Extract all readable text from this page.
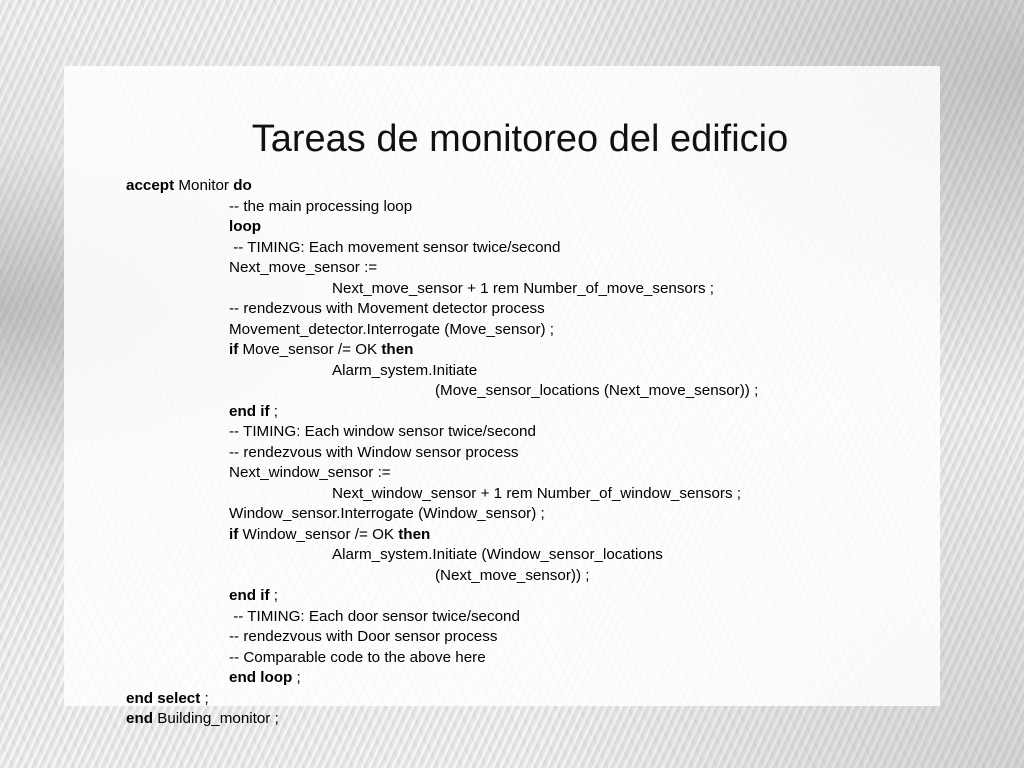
Tareas de monitoreo del edificio
accept Monitor do
-- the main processing loop
loop
-- TIMING: Each movement sensor twice/second
Next_move_sensor :=
Next_move_sensor + 1 rem Number_of_move_sensors ;
-- rendezvous with Movement detector process
Movement_detector.Interrogate (Move_sensor) ;
if Move_sensor /= OK then
Alarm_system.Initiate
(Move_sensor_locations (Next_move_sensor)) ;
end if ;
-- TIMING: Each window sensor twice/second
-- rendezvous with Window sensor process
Next_window_sensor :=
Next_window_sensor + 1 rem Number_of_window_sensors ;
Window_sensor.Interrogate (Window_sensor) ;
if Window_sensor /= OK then
Alarm_system.Initiate (Window_sensor_locations
(Next_move_sensor)) ;
end if ;
-- TIMING: Each door sensor twice/second
-- rendezvous with Door sensor process
-- Comparable code to the above here
end loop ;
end select ;
end Building_monitor ;
